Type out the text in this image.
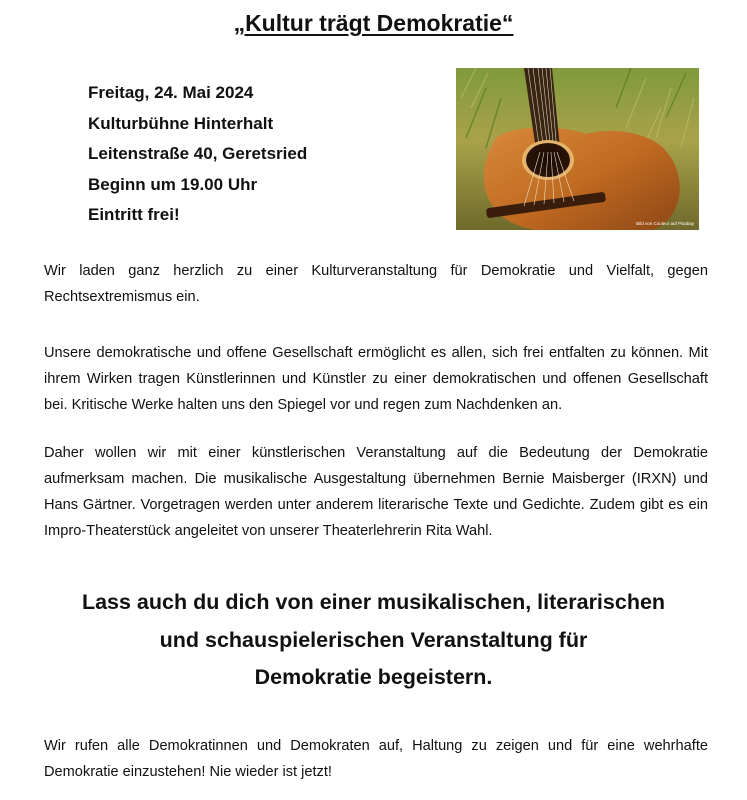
„Kultur trägt Demokratie“
Freitag, 24. Mai 2024
Kulturbühne Hinterhalt
Leitenstraße 40, Geretsried
Beginn um 19.00 Uhr
Eintritt frei!	Bild von Couleur auf Pixabay

Wir laden ganz herzlich zu einer Kulturveranstaltung für Demokratie und Vielfalt, gegen Rechtsextremismus ein.

Unsere demokratische und offene Gesellschaft ermöglicht es allen, sich frei entfalten zu können. Mit ihrem Wirken tragen Künstlerinnen und Künstler zu einer demokratischen und offenen Gesellschaft bei. Kritische Werke halten uns den Spiegel vor und regen zum Nachdenken an.

Daher wollen wir mit einer künstlerischen Veranstaltung auf die Bedeutung der Demokratie aufmerksam machen. Die musikalische Ausgestaltung übernehmen Bernie Maisberger (IRXN) und Hans Gärtner. Vorgetragen werden unter anderem literarische Texte und Gedichte. Zudem gibt es ein Impro-Theaterstück angeleitet von unserer Theaterlehrerin Rita Wahl.

Lass auch du dich von einer musikalischen, literarischen
und schauspielerischen Veranstaltung für
Demokratie begeistern.

Wir rufen alle Demokratinnen und Demokraten auf, Haltung zu zeigen und für eine wehrhafte Demokratie einzustehen! Nie wieder ist jetzt!
